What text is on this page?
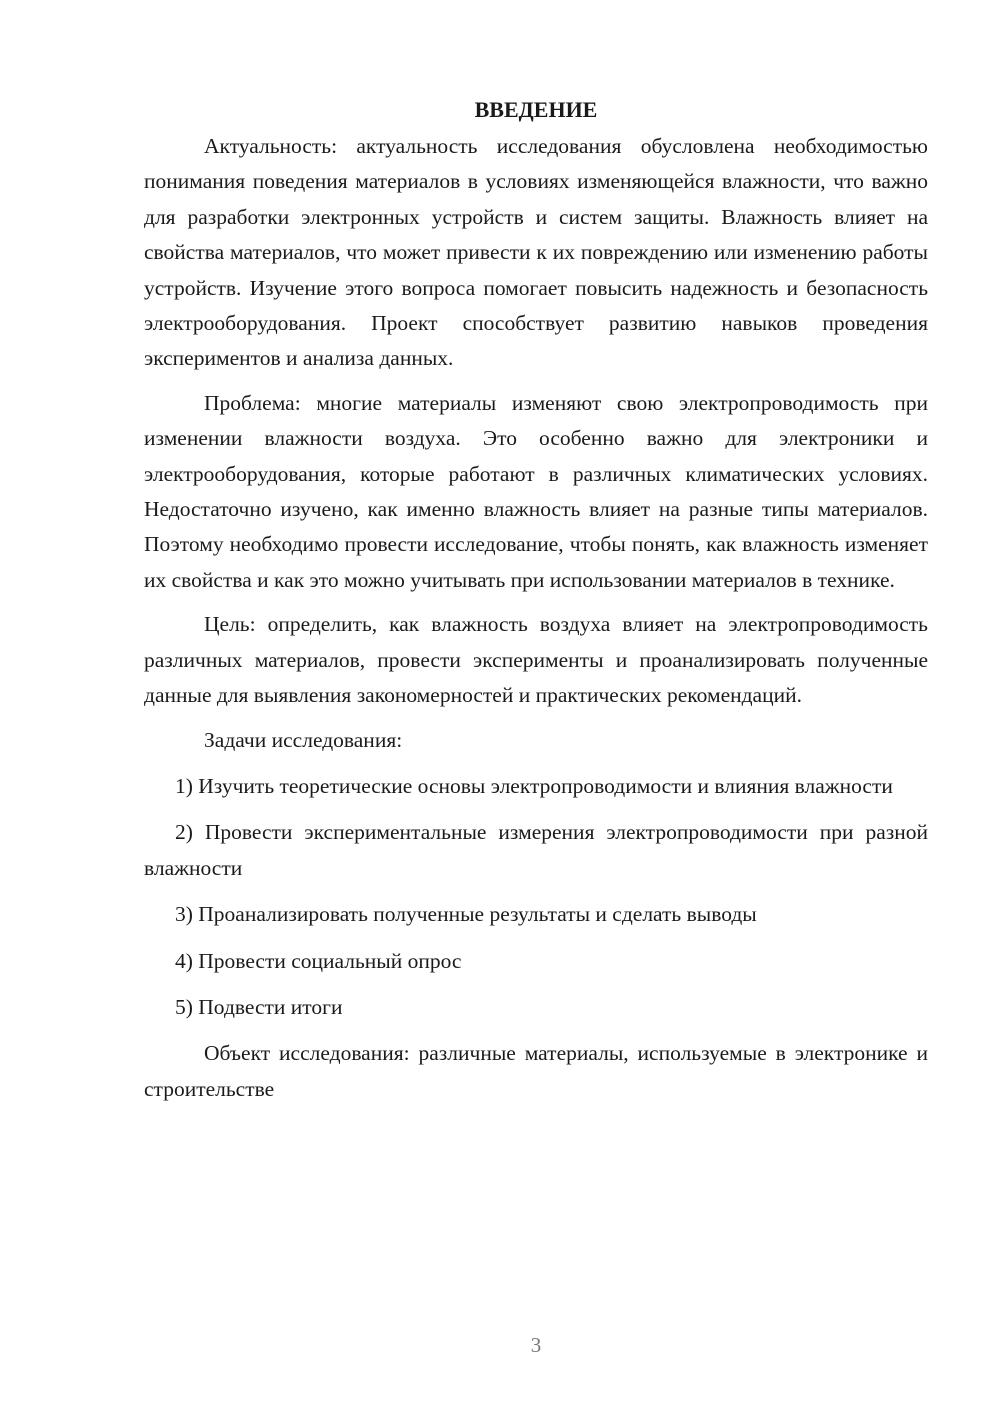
ВВЕДЕНИЕ

Актуальность: актуальность исследования обусловлена необходимостью понимания поведения материалов в условиях изменяющейся влажности, что важно для разработки электронных устройств и систем защиты. Влажность влияет на свойства материалов, что может привести к их повреждению или изменению работы устройств. Изучение этого вопроса помогает повысить надежность и безопасность электрооборудования. Проект способствует развитию навыков проведения экспериментов и анализа данных.

Проблема: многие материалы изменяют свою электропроводимость при изменении влажности воздуха. Это особенно важно для электроники и электрооборудования, которые работают в различных климатических условиях. Недостаточно изучено, как именно влажность влияет на разные типы материалов. Поэтому необходимо провести исследование, чтобы понять, как влажность изменяет их свойства и как это можно учитывать при использовании материалов в технике.

Цель: определить, как влажность воздуха влияет на электропроводимость различных материалов, провести эксперименты и проанализировать полученные данные для выявления закономерностей и практических рекомендаций.

Задачи исследования:

1) Изучить теоретические основы электропроводимости и влияния влажности

2) Провести экспериментальные измерения электропроводимости при разной влажности

3) Проанализировать полученные результаты и сделать выводы

4) Провести социальный опрос

5) Подвести итоги

Объект исследования: различные материалы, используемые в электронике и строительстве

3
